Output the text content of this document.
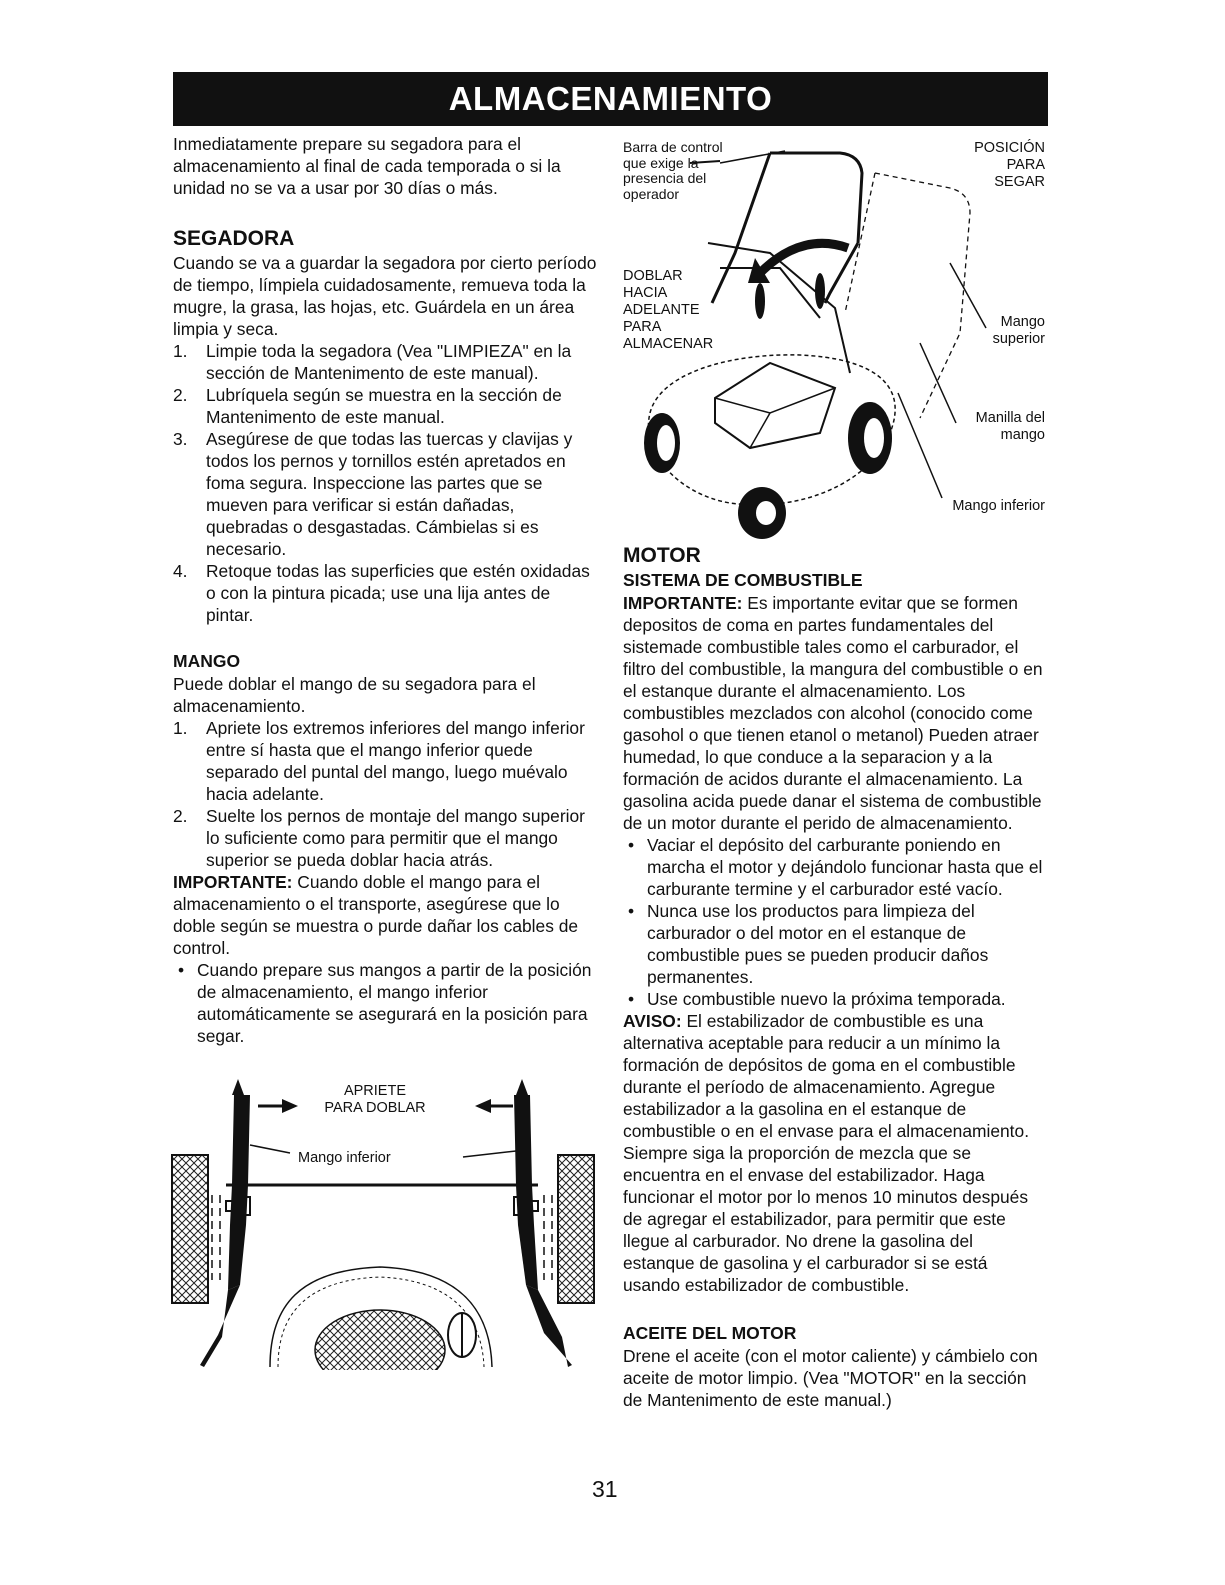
ALMACENAMIENTO

Inmediatamente prepare su segadora para el almacenamiento al final de cada temporada o si la unidad no se va a usar por 30 días o más.

SEGADORA

Cuando se va a guardar la segadora por cierto período de tiempo, límpiela cuidadosamente, remueva toda la mugre, la grasa, las hojas, etc. Guárdela en un área limpia y seca.

1. Limpie toda la segadora (Vea "LIMPIEZA" en la sección de Mantenimento de este manual).
2. Lubríquela según se muestra en la sección de Mantenimento de este manual.
3. Asegúrese de que todas las tuercas y clavijas y todos los pernos y tornillos estén apretados en foma segura. Inspeccione las partes que se mueven para verificar si están dañadas, quebradas o desgastadas. Cámbielas si es necesario.
4. Retoque todas las superficies que estén oxidadas o con la pintura picada; use una lija antes de pintar.
MANGO

Puede doblar el mango de su segadora para el almacenamiento.

1. Apriete los extremos inferiores del mango inferior entre sí hasta que el mango inferior quede separado del puntal del mango, luego muévalo hacia adelante.
2. Suelte los pernos de montaje del mango superior lo suficiente como para permitir que el mango superior se pueda doblar hacia atrás.

IMPORTANTE: Cuando doble el mango para el almacenamiento o el transporte, asegúrese que lo doble según se muestra o purde dañar los cables de control.

• Cuando prepare sus mangos a partir de la posición de almacenamiento, el mango inferior automáticamente se asegurará en la posición para segar.
APRIETE
PARA DOBLAR
Mango inferior
Barra de control
que exige la
presencia del
operador
POSICIÓN
PARA
SEGAR
DOBLAR
HACIA
ADELANTE
PARA
ALMACENAR
Mango
superior
Manilla del
mango
Mango inferior
MOTOR
SISTEMA DE COMBUSTIBLE

IMPORTANTE: Es importante evitar que se formen depositos de coma en partes fundamentales del sistemade combustible tales como el carburador, el filtro del combustible, la mangura del combustible o en el estanque durante el almacenamiento. Los combustibles mezclados con alcohol (conocido come gasohol o que tienen etanol o metanol) Pueden atraer humedad, lo que conduce a la separacion y a la formación de acidos durante el almacenamiento. La gasolina acida puede danar el sistema de combustible de un motor durante el perido de almacenamiento.

• Vaciar el depósito del carburante poniendo en marcha el motor y dejándolo funcionar hasta que el carburante termine y el carburador esté vacío.
• Nunca use los productos para limpieza del carburador o del motor en el estanque de combustible pues se pueden producir daños permanentes.
• Use combustible nuevo la próxima temporada.

AVISO: El estabilizador de combustible es una alternativa aceptable para reducir a un mínimo la formación de depósitos de goma en el combustible durante el período de almacenamiento. Agregue estabilizador a la gasolina en el estanque de combustible o en el envase para el almacenamiento. Siempre siga la proporción de mezcla que se encuentra en el envase del estabilizador. Haga funcionar el motor por lo menos 10 minutos después de agregar el estabilizador, para permitir que este llegue al carburador. No drene la gasolina del estanque de gasolina y el carburador si se está usando estabilizador de combustible.

ACEITE DEL MOTOR

Drene el aceite (con el motor caliente) y cámbielo con aceite de motor limpio. (Vea "MOTOR" en la sección de Mantenimento de este manual.)

31
